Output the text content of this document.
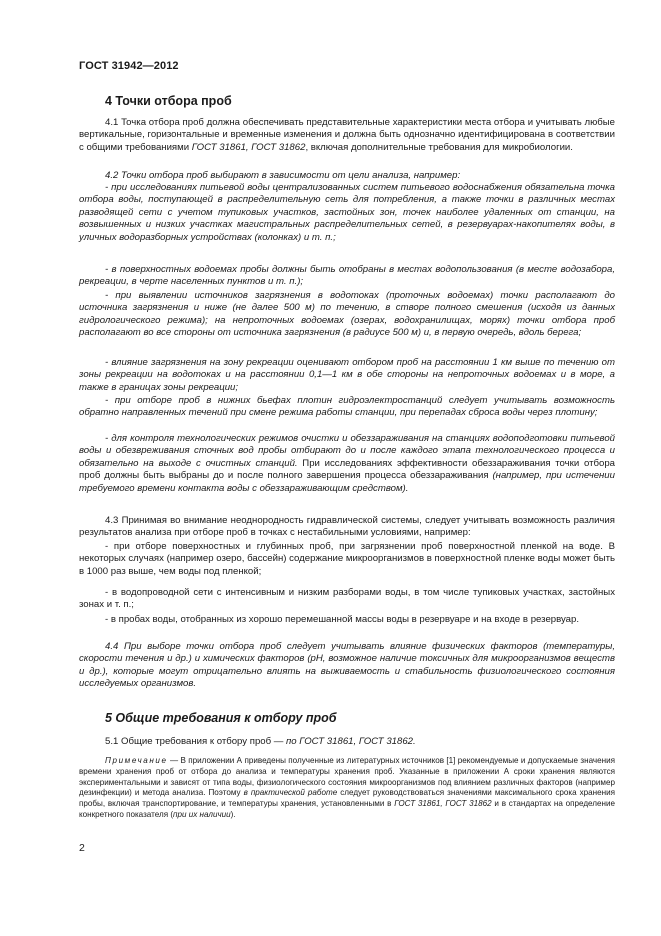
ГОСТ 31942—2012
4 Точки отбора проб

4.1 Точка отбора проб должна обеспечивать представительные характеристики места отбора и учитывать любые вертикальные, горизонтальные и временные изменения и должна быть однозначно идентифицирована в соответствии с общими требованиями ГОСТ 31861, ГОСТ 31862, включая дополнительные требования для микробиологии.

4.2 Точки отбора проб выбирают в зависимости от цели анализа, например:

- при исследованиях питьевой воды централизованных систем питьевого водоснабжения обязательна точка отбора воды, поступающей в распределительную сеть для потребления, а также точки в различных местах разводящей сети с учетом тупиковых участков, застойных зон, точек наиболее удаленных от станции, на возвышенных и низких участках магистральных распределительных сетей, в резервуарах-накопителях воды, в уличных водоразборных устройствах (колонках) и т. п.;

- в поверхностных водоемах пробы должны быть отобраны в местах водопользования (в месте водозабора, рекреации, в черте населенных пунктов и т. п.);

- при выявлении источников загрязнения в водотоках (проточных водоемах) точки располагают до источника загрязнения и ниже (не далее 500 м) по течению, в створе полного смешения (исходя из данных гидрологического режима); на непроточных водоемах (озерах, водохранилищах, морях) точки отбора проб располагают во все стороны от источника загрязнения (в радиусе 500 м) и, в первую очередь, вдоль берега;

- влияние загрязнения на зону рекреации оценивают отбором проб на расстоянии 1 км выше по течению от зоны рекреации на водотоках и на расстоянии 0,1—1 км в обе стороны на непроточных водоемах и в море, а также в границах зоны рекреации;

- при отборе проб в нижних бьефах плотин гидроэлектростанций следует учитывать возможность обратно направленных течений при смене режима работы станции, при перепадах сброса воды через плотину;

- для контроля технологических режимов очистки и обеззараживания на станциях водоподготовки питьевой воды и обезвреживания сточных вод пробы отбирают до и после каждого этапа технологического процесса и обязательно на выходе с очистных станций. При исследованиях эффективности обеззараживания точки отбора проб должны быть выбраны до и после полного завершения процесса обеззараживания (например, при истечении требуемого времени контакта воды с обеззараживающим средством).

4.3 Принимая во внимание неоднородность гидравлической системы, следует учитывать возможность различия результатов анализа при отборе проб в точках с нестабильными условиями, например:

- при отборе поверхностных и глубинных проб, при загрязнении проб поверхностной пленкой на воде. В некоторых случаях (например озеро, бассейн) содержание микроорганизмов в поверхностной пленке воды может быть в 1000 раз выше, чем воды под пленкой;

- в водопроводной сети с интенсивным и низким разборами воды, в том числе тупиковых участках, застойных зонах и т. п.;

- в пробах воды, отобранных из хорошо перемешанной массы воды в резервуаре и на входе в резервуар.

4.4 При выборе точки отбора проб следует учитывать влияние физических факторов (температуры, скорости течения и др.) и химических факторов (рН, возможное наличие токсичных для микроорганизмов веществ и др.), которые могут отрицательно влиять на выживаемость и стабильность физиологического состояния исследуемых организмов.

5 Общие требования к отбору проб

5.1 Общие требования к отбору проб — по ГОСТ 31861, ГОСТ 31862.

Примечание — В приложении А приведены полученные из литературных источников [1] рекомендуемые и допускаемые значения времени хранения проб от отбора до анализа и температуры хранения проб. Указанные в приложении А сроки хранения являются экспериментальными и зависят от типа воды, физиологического состояния микроорганизмов под влиянием различных факторов (например дезинфекции) и метода анализа. Поэтому в практической работе следует руководствоваться значениями максимального срока хранения пробы, включая транспортирование, и температуры хранения, установленными в ГОСТ 31861, ГОСТ 31862 и в стандартах на определение конкретного показателя (при их наличии).

2
